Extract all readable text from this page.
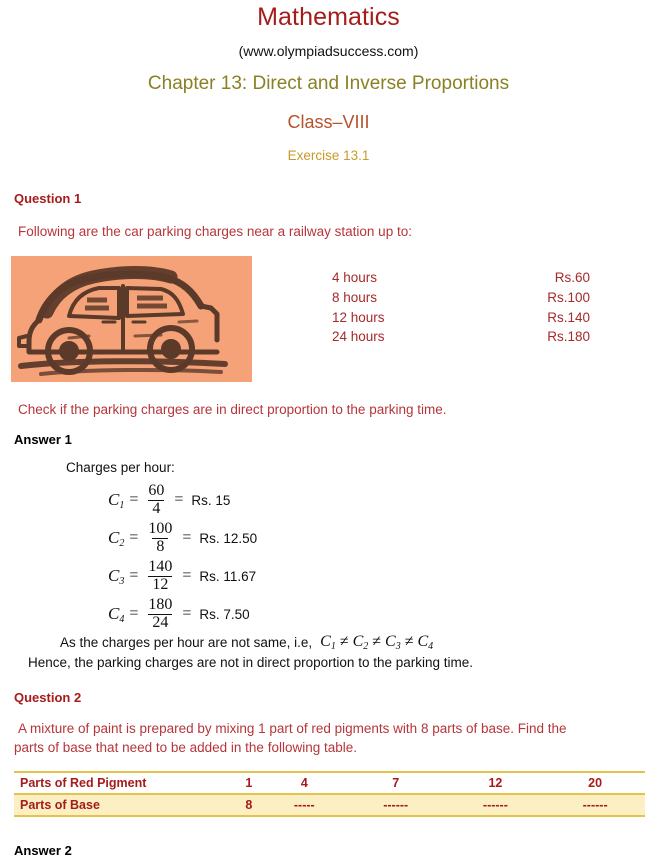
Mathematics
(www.olympiadsuccess.com)
Chapter 13: Direct and Inverse Proportions
Class–VIII
Exercise 13.1
Question 1
Following are the car parking charges near a railway station up to:
4 hours	Rs.60
8 hours	Rs.100
12 hours	Rs.140
24 hours	Rs.180
Check if the parking charges are in direct proportion to the parking time.
Answer 1
Charges per hour:
$C_1 = \frac{60}{4} = Rs$. 15
$C_2 = \frac{100}{8} = Rs$. 12.50
$C_3 = \frac{140}{12} = Rs$. 11.67
$C_4 = \frac{180}{24} = Rs$. 7.50
As the charges per hour are not same, i.e, $C_1 \ne C_2 \ne C_3 \ne C_4$
Hence, the parking charges are not in direct proportion to the parking time.
Question 2
A mixture of paint is prepared by mixing 1 part of red pigments with 8 parts of base. Find the
parts of base that need to be added in the following table.
Parts of Red Pigment	1	4	7	12	20
Parts of Base	8	-----	------	------	------
Answer 2
